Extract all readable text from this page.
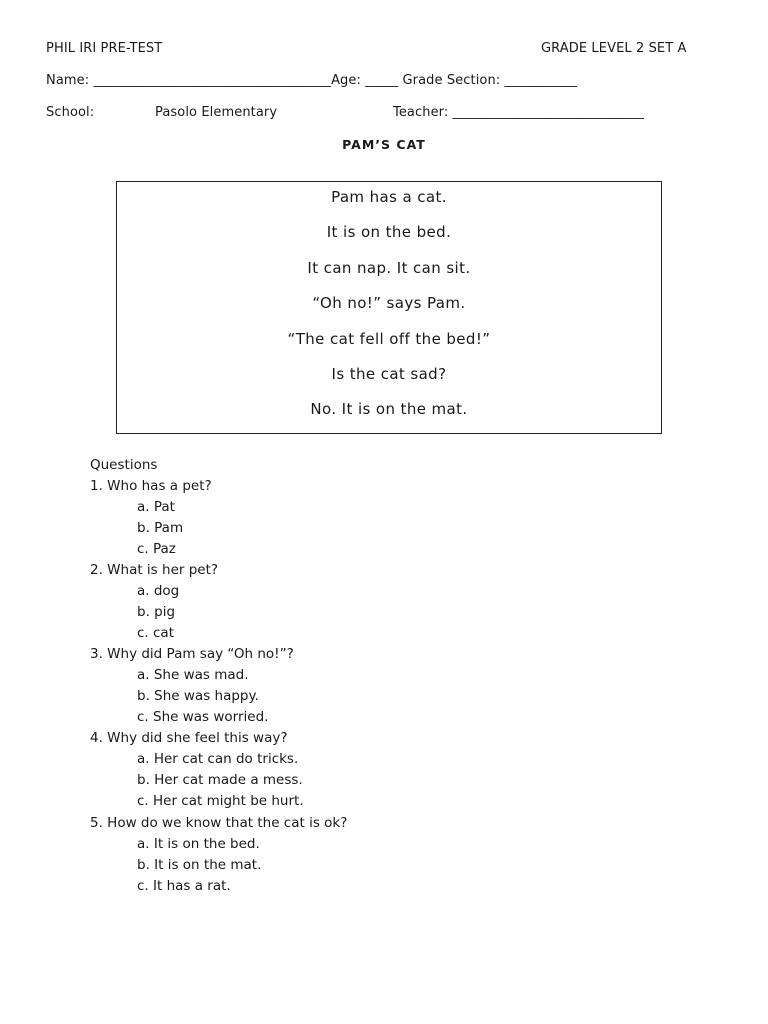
PHIL IRI PRE-TEST	GRADE LEVEL 2 SET A
Name: ____________________________________Age: _____ Grade Section: ___________
School:	Pasolo Elementary	Teacher: _____________________________
PAM’S CAT
Pam has a cat.
It is on the bed.
It can nap. It can sit.
“Oh no!” says Pam.
“The cat fell off the bed!”
Is the cat sad?
No. It is on the mat.
Questions
1. Who has a pet?
a. Pat
b. Pam
c. Paz
2. What is her pet?
a. dog
b. pig
c. cat
3. Why did Pam say “Oh no!”?
a. She was mad.
b. She was happy.
c. She was worried.
4. Why did she feel this way?
a. Her cat can do tricks.
b. Her cat made a mess.
c. Her cat might be hurt.
5. How do we know that the cat is ok?
a. It is on the bed.
b. It is on the mat.
c. It has a rat.
